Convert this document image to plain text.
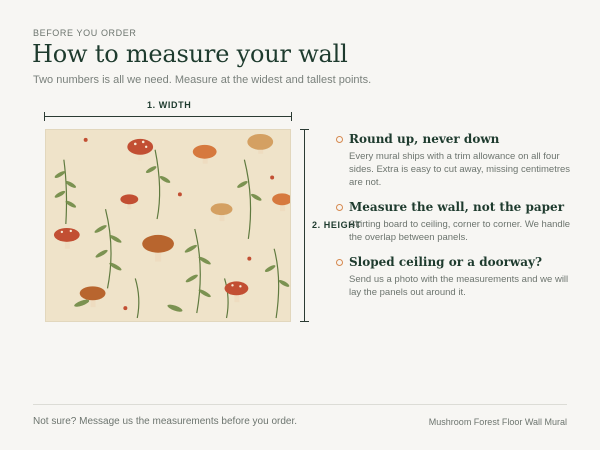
BEFORE YOU ORDER
How to measure your wall
Two numbers is all we need. Measure at the widest and tallest points.
1. WIDTH
2. HEIGHT
Round up, never down

Every mural ships with a trim allowance on all four sides. Extra is easy to cut away, missing centimetres are not.

Measure the wall, not the paper

Skirting board to ceiling, corner to corner. We handle the overlap between panels.

Sloped ceiling or a doorway?

Send us a photo with the measurements and we will lay the panels out around it.

Not sure? Message us the measurements before you order.	Mushroom Forest Floor Wall Mural
